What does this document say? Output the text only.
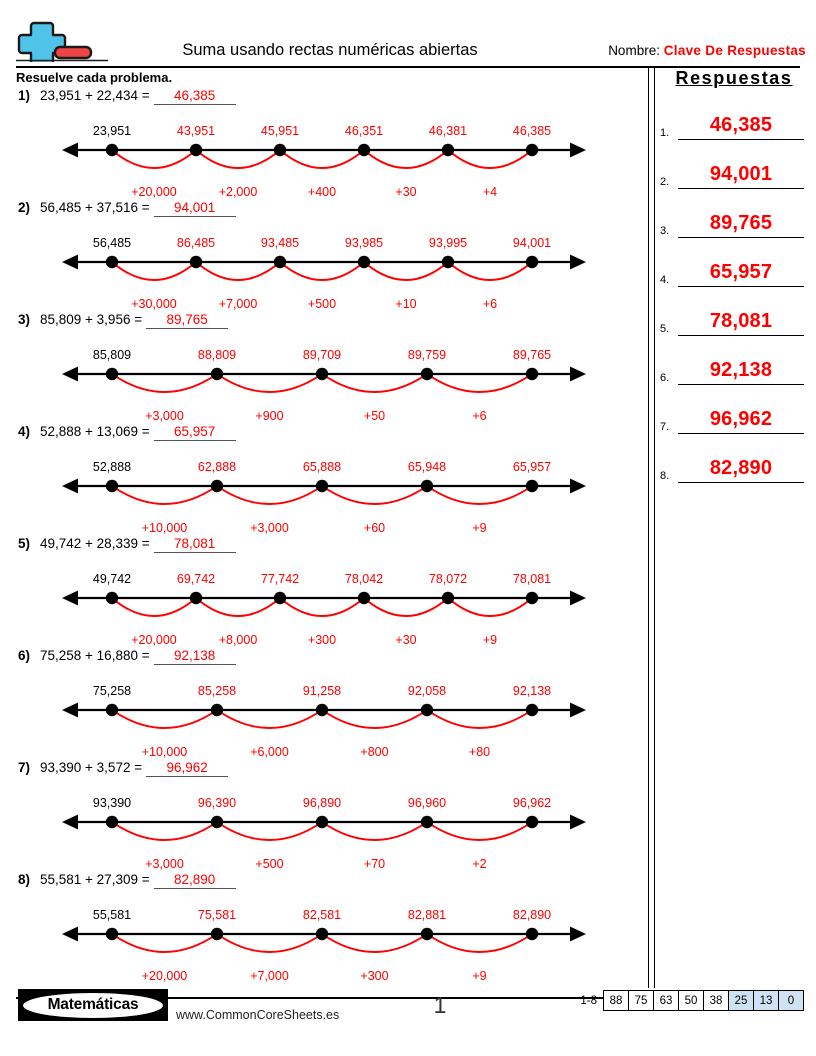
Suma usando rectas numéricas abiertas	Nombre: Clave De Respuestas
Resuelve cada problema.	Respuestas
1.	46,385
2.	94,001
3.	89,765
4.	65,957
5.	78,081
6.	92,138
7.	96,962
8.	82,890
1) 23,951 + 22,434 = 46,385
+20,000	+2,000	+400	+30	+4
23,951	43,951	45,951	46,351	46,381	46,385
2) 56,485 + 37,516 = 94,001
+30,000	+7,000	+500	+10	+6
56,485	86,485	93,485	93,985	93,995	94,001
3) 85,809 + 3,956 = 89,765
+3,000	+900	+50	+6
85,809	88,809	89,709	89,759	89,765
4) 52,888 + 13,069 = 65,957
+10,000	+3,000	+60	+9
52,888	62,888	65,888	65,948	65,957
5) 49,742 + 28,339 = 78,081
+20,000	+8,000	+300	+30	+9
49,742	69,742	77,742	78,042	78,072	78,081
6) 75,258 + 16,880 = 92,138
+10,000	+6,000	+800	+80
75,258	85,258	91,258	92,058	92,138
7) 93,390 + 3,572 = 96,962
+3,000	+500	+70	+2
93,390	96,390	96,890	96,960	96,962
8) 55,581 + 27,309 = 82,890
+20,000	+7,000	+300	+9
55,581	75,581	82,581	82,881	82,890
Matemáticas
www.CommonCoreSheets.es	1	1-8	88	75	63	50	38	25	13	0
